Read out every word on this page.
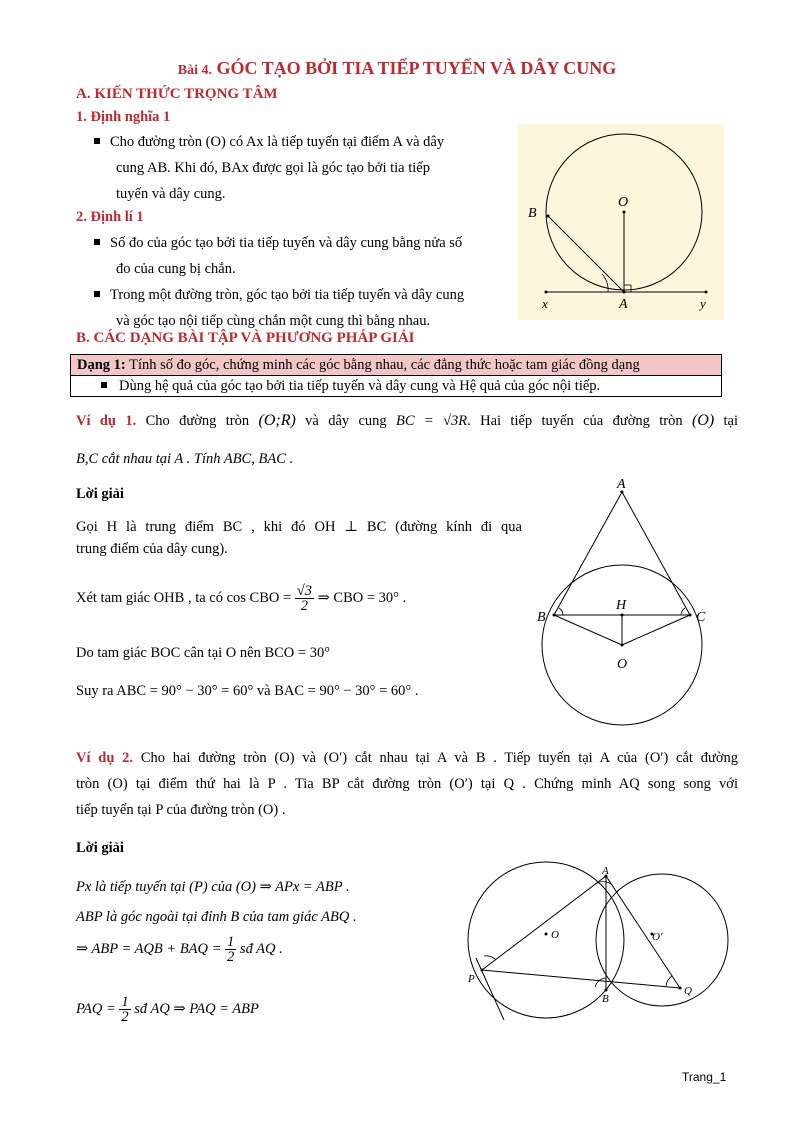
Bài 4. GÓC TẠO BỞI TIA TIẾP TUYẾN VÀ DÂY CUNG
A. KIẾN THỨC TRỌNG TÂM
1. Định nghĩa 1
Cho đường tròn (O) có Ax là tiếp tuyến tại điểm A và dây
cung AB. Khi đó, BAx được gọi là góc tạo bởi tia tiếp
tuyến và dây cung.
2. Định lí 1
Số đo của góc tạo bởi tia tiếp tuyến và dây cung bằng nửa số
đo của cung bị chắn.
Trong một đường tròn, góc tạo bởi tia tiếp tuyến và dây cung
và góc tạo nội tiếp cùng chắn một cung thì bằng nhau.
B
O
x	A	y
B. CÁC DẠNG BÀI TẬP VÀ PHƯƠNG PHÁP GIẢI
Dạng 1: Tính số đo góc, chứng minh các góc bằng nhau, các đẳng thức hoặc tam giác đồng dạng
Dùng hệ quả của góc tạo bởi tia tiếp tuyến và dây cung và Hệ quả của góc nội tiếp.
Ví dụ 1. Cho đường tròn (O;R) và dây cung BC = √3R. Hai tiếp tuyến của đường tròn (O) tại
B,C cắt nhau tại A . Tính ABC, BAC .
Lời giải
Gọi H là trung điểm BC , khi đó OH ⊥ BC (đường kính đi qua
trung điểm của dây cung).
Xét tam giác OHB , ta có cos CBO = $\frac{√3}{2}$ ⇒ CBO = 30° .
Do tam giác BOC cân tại O nên BCO = 30°
Suy ra ABC = 90° − 30° = 60° và BAC = 90° − 30° = 60° .
A
B
H
C
O
Ví dụ 2. Cho hai đường tròn (O) và (O′) cắt nhau tại A và B . Tiếp tuyến tại A của (O′) cắt đường
tròn (O) tại điểm thứ hai là P . Tia BP cắt đường tròn (O′) tại Q . Chứng minh AQ song song với
tiếp tuyến tại P của đường tròn (O) .
Lời giải
Px là tiếp tuyến tại (P) của (O) ⇒ APx = ABP .
ABP là góc ngoài tại đỉnh B của tam giác ABQ .
⇒ ABP = AQB + BAQ = $\frac{1}{2}$ sđ AQ .
PAQ = $\frac{1}{2}$ sđ AQ ⇒ PAQ = ABP
A
O	O′
P
B
Q
Trang_1
